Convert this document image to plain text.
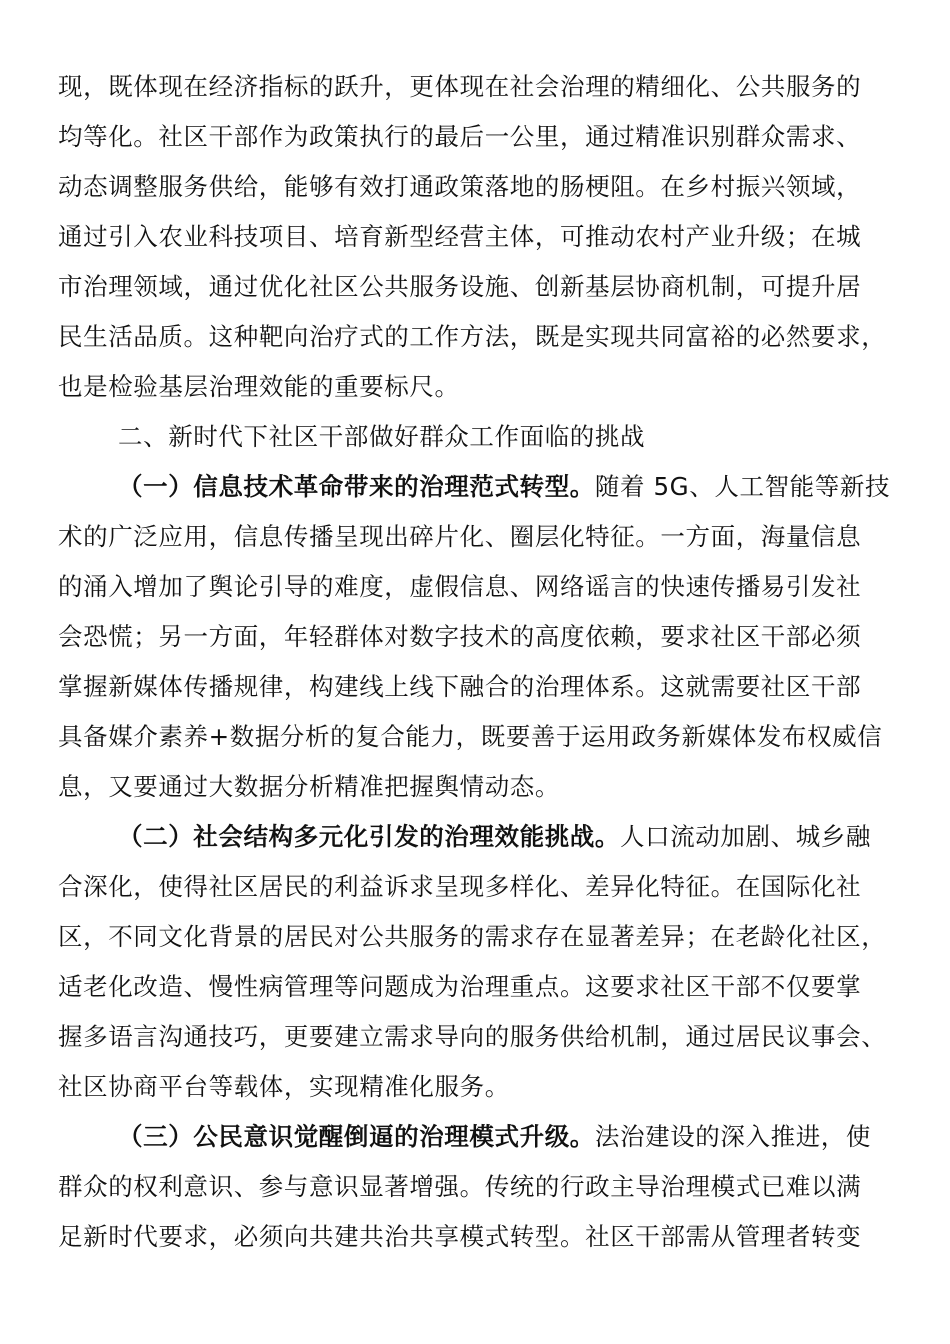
现，既体现在经济指标的跃升，更体现在社会治理的精细化、公共服务的
均等化。社区干部作为政策执行的最后一公里，通过精准识别群众需求、
动态调整服务供给，能够有效打通政策落地的肠梗阻。在乡村振兴领域，
通过引入农业科技项目、培育新型经营主体，可推动农村产业升级；在城
市治理领域，通过优化社区公共服务设施、创新基层协商机制，可提升居
民生活品质。这种靶向治疗式的工作方法，既是实现共同富裕的必然要求，
也是检验基层治理效能的重要标尺。
二、新时代下社区干部做好群众工作面临的挑战
（一）信息技术革命带来的治理范式转型。随着 5G、人工智能等新技
术的广泛应用，信息传播呈现出碎片化、圈层化特征。一方面，海量信息
的涌入增加了舆论引导的难度，虚假信息、网络谣言的快速传播易引发社
会恐慌；另一方面，年轻群体对数字技术的高度依赖，要求社区干部必须
掌握新媒体传播规律，构建线上线下融合的治理体系。这就需要社区干部
具备媒介素养+数据分析的复合能力，既要善于运用政务新媒体发布权威信
息，又要通过大数据分析精准把握舆情动态。
（二）社会结构多元化引发的治理效能挑战。人口流动加剧、城乡融
合深化，使得社区居民的利益诉求呈现多样化、差异化特征。在国际化社
区，不同文化背景的居民对公共服务的需求存在显著差异；在老龄化社区，
适老化改造、慢性病管理等问题成为治理重点。这要求社区干部不仅要掌
握多语言沟通技巧，更要建立需求导向的服务供给机制，通过居民议事会、
社区协商平台等载体，实现精准化服务。
（三）公民意识觉醒倒逼的治理模式升级。法治建设的深入推进，使
群众的权利意识、参与意识显著增强。传统的行政主导治理模式已难以满
足新时代要求，必须向共建共治共享模式转型。社区干部需从管理者转变
